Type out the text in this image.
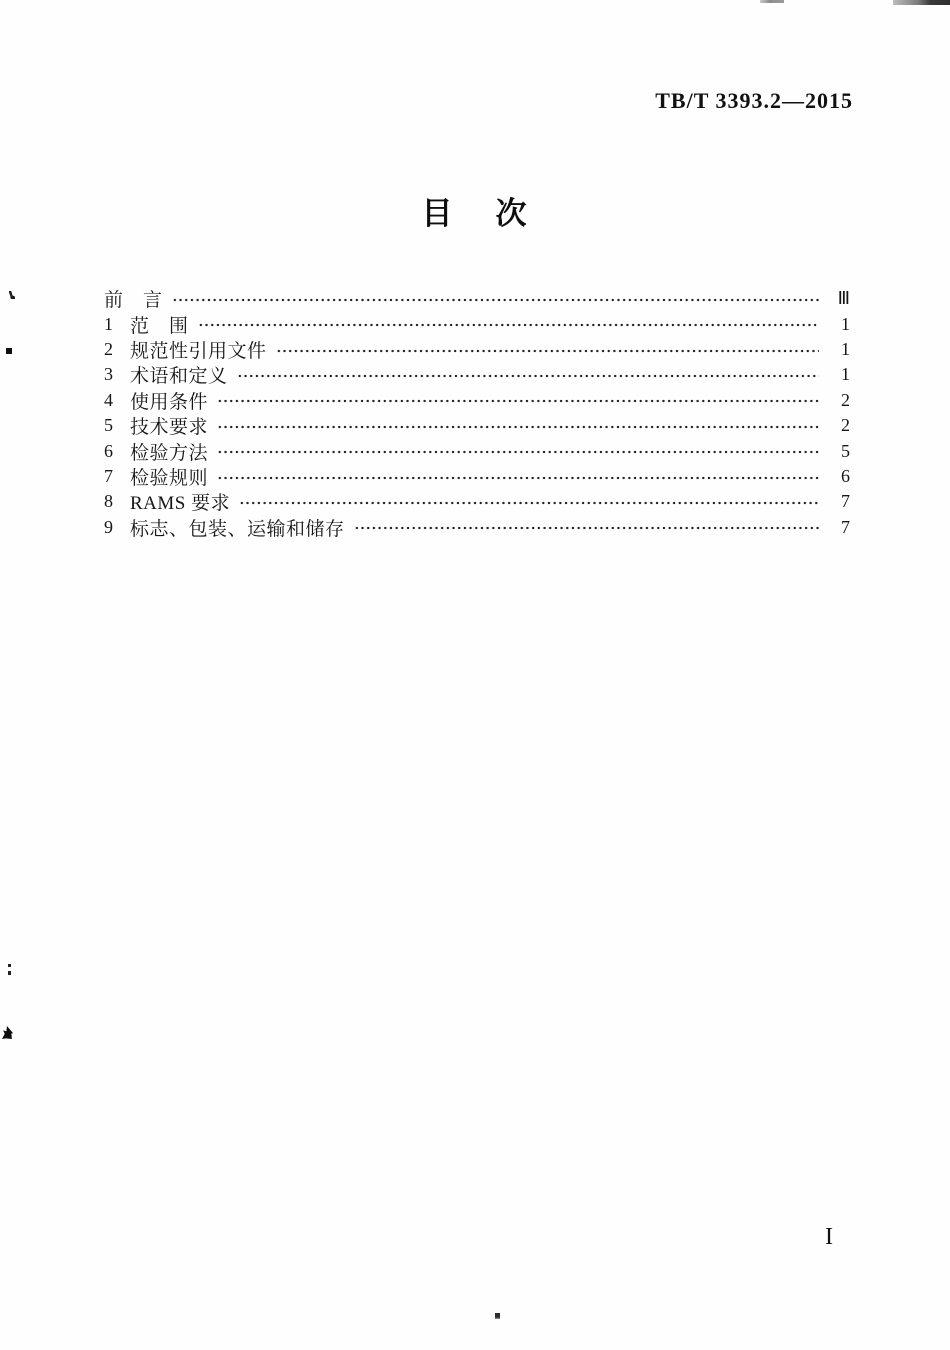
TB/T 3393.2—2015
目　次
前　言	Ⅲ
1 范　围	1
2 规范性引用文件	1
3 术语和定义	1
4 使用条件	2
5 技术要求	2
6 检验方法	5
7 检验规则	6
8 RAMS 要求	7
9 标志、包装、运输和储存	7
I
